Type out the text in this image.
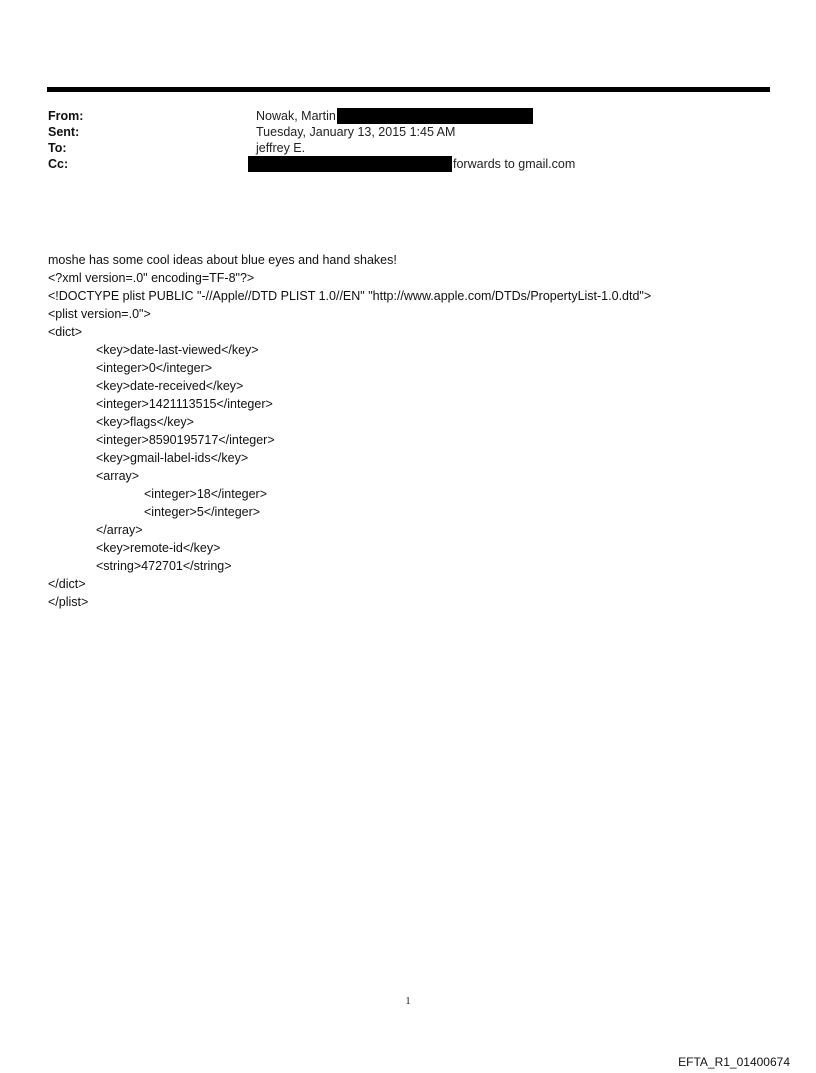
From:	Nowak, Martin
Sent:	Tuesday, January 13, 2015 1:45 AM
To:	jeffrey E.
Cc:	forwards to gmail.com
moshe has some cool ideas about blue eyes and hand shakes!
<?xml version=.0" encoding=TF-8"?>
<!DOCTYPE plist PUBLIC "-//Apple//DTD PLIST 1.0//EN" "http://www.apple.com/DTDs/PropertyList-1.0.dtd">
<plist version=.0">
<dict>
<key>date-last-viewed</key>
<integer>0</integer>
<key>date-received</key>
<integer>1421113515</integer>
<key>flags</key>
<integer>8590195717</integer>
<key>gmail-label-ids</key>
<array>
<integer>18</integer>
<integer>5</integer>
</array>
<key>remote-id</key>
<string>472701</string>
</dict>
</plist>
1
EFTA_R1_01400674
